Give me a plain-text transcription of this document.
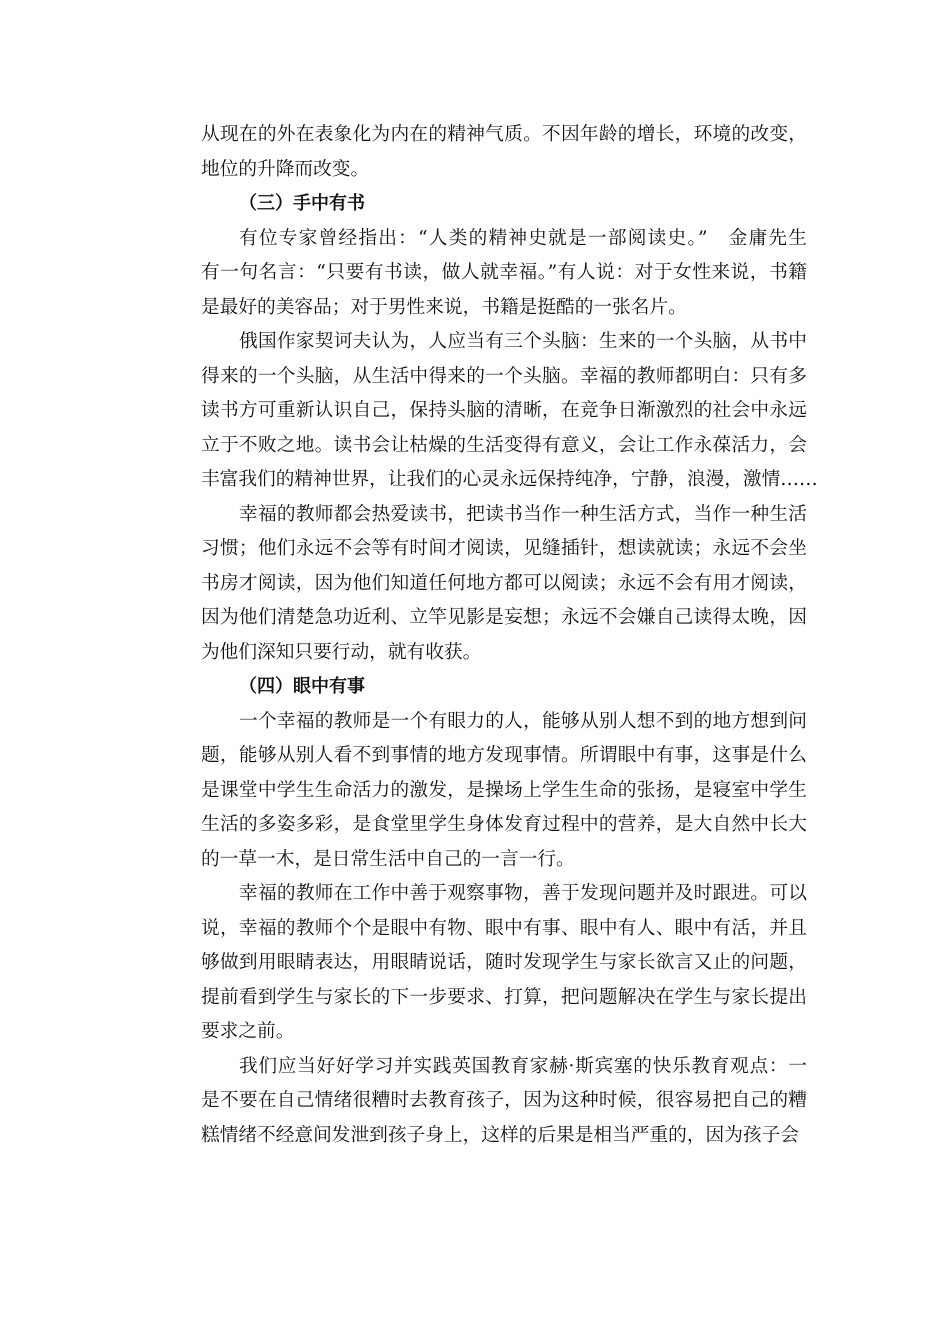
从现在的外在表象化为内在的精神气质。不因年龄的增长，环境的改变，
地位的升降而改变。
（三）手中有书
有位专家曾经指出：“人类的精神史就是一部阅读史。”　金庸先生
有一句名言：“只要有书读，做人就幸福。”有人说：对于女性来说，书籍
是最好的美容品；对于男性来说，书籍是挺酷的一张名片。
俄国作家契诃夫认为，人应当有三个头脑：生来的一个头脑，从书中
得来的一个头脑，从生活中得来的一个头脑。幸福的教师都明白：只有多
读书方可重新认识自己，保持头脑的清晰，在竞争日渐激烈的社会中永远
立于不败之地。读书会让枯燥的生活变得有意义，会让工作永葆活力，会
丰富我们的精神世界，让我们的心灵永远保持纯净，宁静，浪漫，激情……
幸福的教师都会热爱读书，把读书当作一种生活方式，当作一种生活
习惯；他们永远不会等有时间才阅读，见缝插针，想读就读；永远不会坐
书房才阅读，因为他们知道任何地方都可以阅读；永远不会有用才阅读，
因为他们清楚急功近利、立竿见影是妄想；永远不会嫌自己读得太晚，因
为他们深知只要行动，就有收获。
（四）眼中有事
一个幸福的教师是一个有眼力的人，能够从别人想不到的地方想到问
题，能够从别人看不到事情的地方发现事情。所谓眼中有事，这事是什么
是课堂中学生生命活力的激发，是操场上学生生命的张扬，是寝室中学生
生活的多姿多彩，是食堂里学生身体发育过程中的营养，是大自然中长大
的一草一木，是日常生活中自己的一言一行。
幸福的教师在工作中善于观察事物，善于发现问题并及时跟进。可以
说，幸福的教师个个是眼中有物、眼中有事、眼中有人、眼中有活，并且
够做到用眼睛表达，用眼睛说话，随时发现学生与家长欲言又止的问题，
提前看到学生与家长的下一步要求、打算，把问题解决在学生与家长提出
要求之前。
我们应当好好学习并实践英国教育家赫·斯宾塞的快乐教育观点：一
是不要在自己情绪很糟时去教育孩子，因为这种时候，很容易把自己的糟
糕情绪不经意间发泄到孩子身上，这样的后果是相当严重的，因为孩子会
